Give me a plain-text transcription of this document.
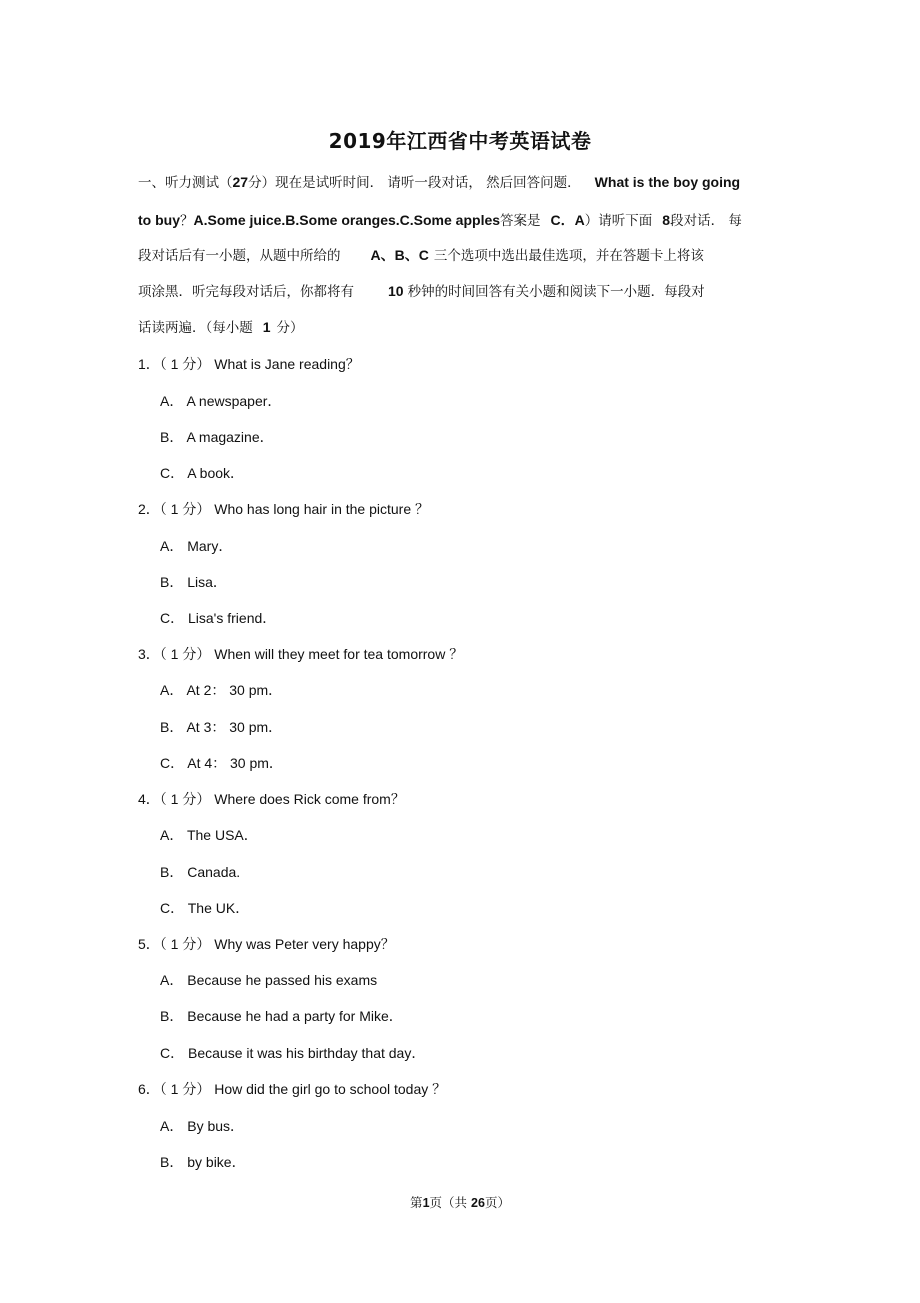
2019年江西省中考英语试卷
一、听力测试（27分）现在是试听时间． 请听一段对话， 然后回答问题． What is the boy going
to buy？A.Some juice.B.Some oranges.C.Some apples答案是 C．A）请听下面 8段对话． 每
段对话后有一小题，从题中所给的 A、B、C 三个选项中选出最佳选项，并在答题卡上将该
项涂黑．听完每段对话后，你都将有 10 秒钟的时间回答有关小题和阅读下一小题．每段对
话读两遍．（每小题 1 分）
1．（ 1 分） What is Jane reading？
A． A newspaper．
B． A magazine．
C． A book．
2．（ 1 分） Who has long hair in the picture ？
A． Mary．
B． Lisa．
C． Lisa's friend．
3．（ 1 分） When will they meet for tea tomorrow ？
A． At 2： 30 pm．
B． At 3： 30 pm．
C． At 4： 30 pm．
4．（ 1 分） Where does Rick come from？
A． The USA．
B． Canada.
C． The UK．
5．（ 1 分） Why was Peter very happy？
A． Because he passed his exams
B． Because he had a party for Mike．
C． Because it was his birthday that day．
6．（ 1 分） How did the girl go to school today ？
A． By bus．
B． by bike．
第1页（共 26页）
